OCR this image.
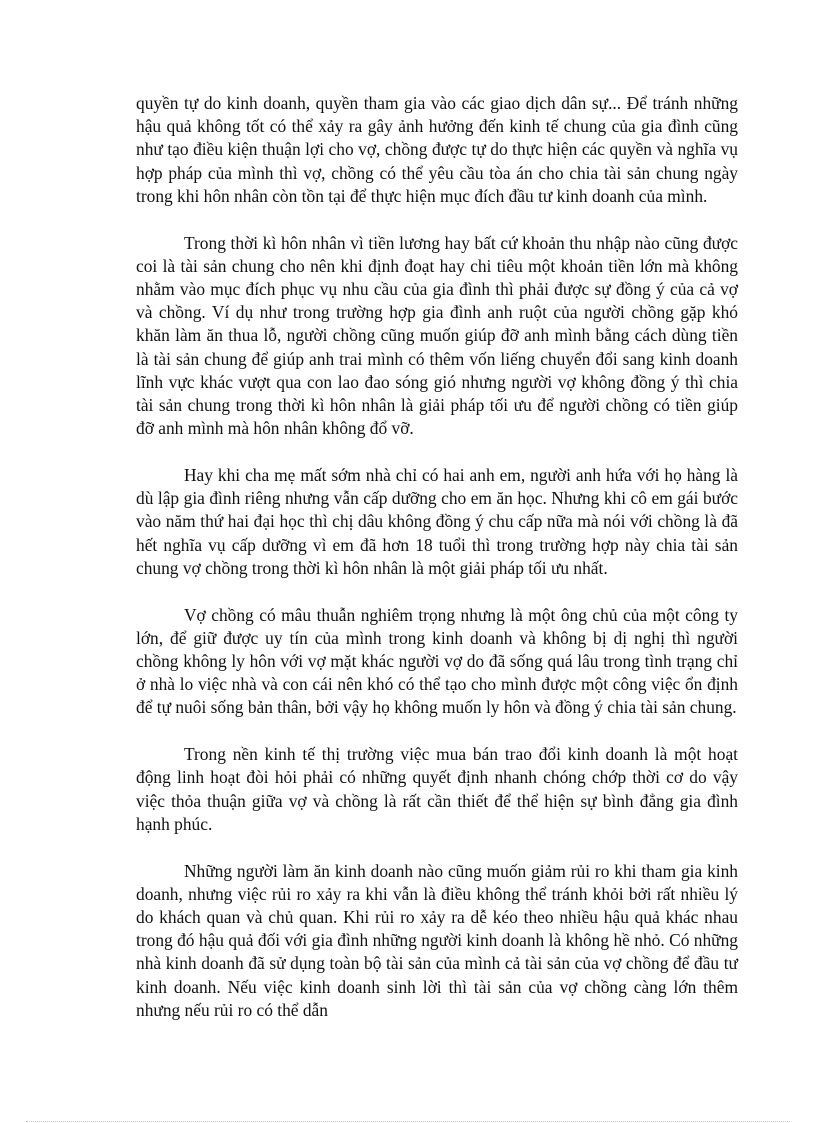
quyền tự do kinh doanh, quyền tham gia vào các giao dịch dân sự... Để tránh những hậu quả không tốt có thể xảy ra gây ảnh hưởng đến kinh tế chung của gia đình cũng như tạo điều kiện thuận lợi cho vợ, chồng được tự do thực hiện các quyền và nghĩa vụ hợp pháp của mình thì vợ, chồng có thể yêu cầu tòa án cho chia tài sản chung ngày trong khi hôn nhân còn tồn tại để thực hiện mục đích đầu tư kinh doanh của mình.

Trong thời kì hôn nhân vì tiền lương hay bất cứ khoản thu nhập nào cũng được coi là tài sản chung cho nên khi định đoạt hay chi tiêu một khoản tiền lớn mà không nhằm vào mục đích phục vụ nhu cầu của gia đình thì phải được sự đồng ý của cả vợ và chồng. Ví dụ như trong trường hợp gia đình anh ruột của người chồng gặp khó khăn làm ăn thua lỗ, người chồng cũng muốn giúp đỡ anh mình bằng cách dùng tiền là tài sản chung để giúp anh trai mình có thêm vốn liếng chuyển đổi sang kinh doanh lĩnh vực khác vượt qua con lao đao sóng gió nhưng người vợ không đồng ý thì chia tài sản chung trong thời kì hôn nhân là giải pháp tối ưu để người chồng có tiền giúp đỡ anh mình mà hôn nhân không đổ vỡ.

Hay khi cha mẹ mất sớm nhà chỉ có hai anh em, người anh hứa với họ hàng là dù lập gia đình riêng nhưng vẫn cấp dưỡng cho em ăn học. Nhưng khi cô em gái bước vào năm thứ hai đại học thì chị dâu không đồng ý chu cấp nữa mà nói với chồng là đã hết nghĩa vụ cấp dưỡng vì em đã hơn 18 tuổi thì trong trường hợp này chia tài sản chung vợ chồng trong thời kì hôn nhân là một giải pháp tối ưu nhất.

Vợ chồng có mâu thuẫn nghiêm trọng nhưng là một ông chủ của một công ty lớn, để giữ được uy tín của mình trong kinh doanh và không bị dị nghị thì người chồng không ly hôn với vợ mặt khác người vợ do đã sống quá lâu trong tình trạng chỉ ở nhà lo việc nhà và con cái nên khó có thể tạo cho mình được một công việc ổn định để tự nuôi sống bản thân, bởi vậy họ không muốn ly hôn và đồng ý chia tài sản chung.

Trong nền kinh tế thị trường việc mua bán trao đổi kinh doanh là một hoạt động linh hoạt đòi hỏi phải có những quyết định nhanh chóng chớp thời cơ do vậy việc thỏa thuận giữa vợ và chồng là rất cần thiết để thể hiện sự bình đẳng gia đình hạnh phúc.

Những người làm ăn kinh doanh nào cũng muốn giảm rủi ro khi tham gia kinh doanh, nhưng việc rủi ro xảy ra khi vẫn là điều không thể tránh khỏi bởi rất nhiều lý do khách quan và chủ quan. Khi rủi ro xảy ra dễ kéo theo nhiều hậu quả khác nhau trong đó hậu quả đối với gia đình những người kinh doanh là không hề nhỏ. Có những nhà kinh doanh đã sử dụng toàn bộ tài sản của mình cả tài sản của vợ chồng để đầu tư kinh doanh. Nếu việc kinh doanh sinh lời thì tài sản của vợ chồng càng lớn thêm nhưng nếu rủi ro có thể dẫn
